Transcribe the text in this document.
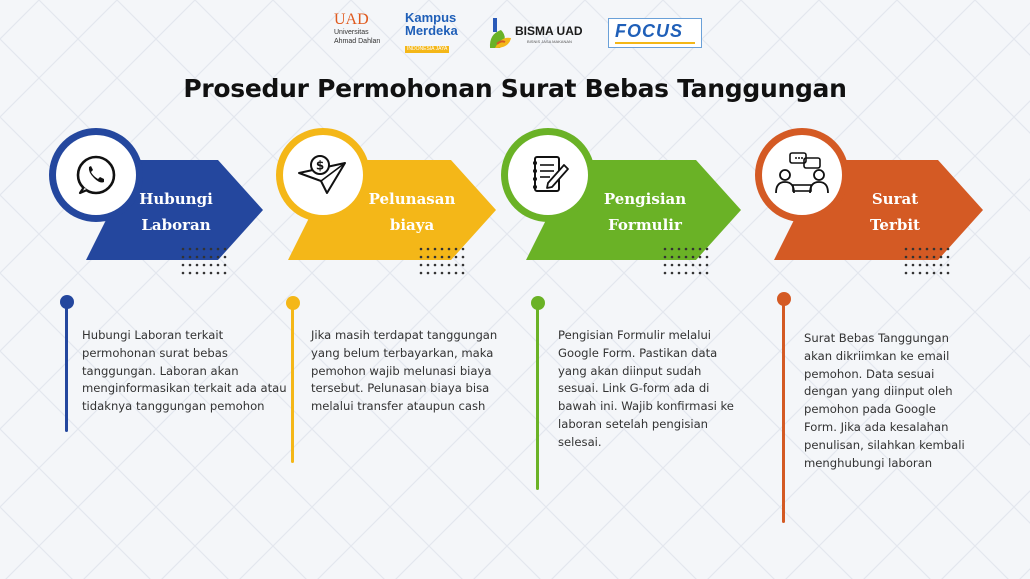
UAD
Universitas
Ahmad Dahlan
Kampus
Merdeka
INDONESIA JAYA
BISMA UAD
BISNIS JASA MAKANAN
FOCUS
Prosedur Permohonan Surat Bebas Tanggungan
Hubungi
Laboran
$
Pelunasan
biaya
Pengisian
Formulir
Surat
Terbit
Hubungi Laboran terkait
permohonan surat bebas
tanggungan. Laboran akan
menginformasikan terkait ada atau
tidaknya tanggungan pemohon
Jika masih terdapat tanggungan
yang belum terbayarkan, maka
pemohon wajib melunasi biaya
tersebut. Pelunasan biaya bisa
melalui transfer ataupun cash
Pengisian Formulir melalui
Google Form. Pastikan data
yang akan diinput sudah
sesuai. Link G-form ada di
bawah ini. Wajib konfirmasi ke
laboran setelah pengisian
selesai.
Surat Bebas Tanggungan
akan dikriimkan ke email
pemohon. Data sesuai
dengan yang diinput oleh
pemohon pada Google
Form. Jika ada kesalahan
penulisan, silahkan kembali
menghubungi laboran
